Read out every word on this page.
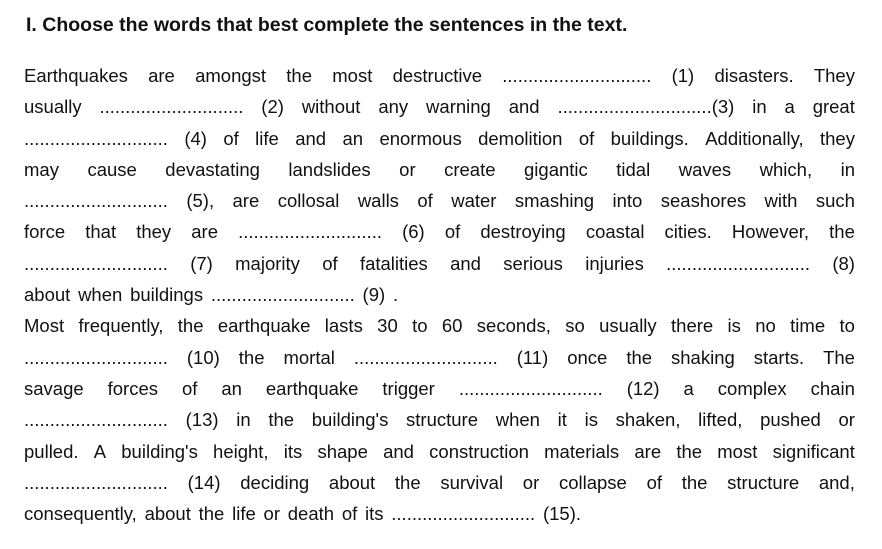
I. Choose the words that best complete the sentences in the text.
Earthquakes are amongst the most destructive ............................. (1) disasters. They
usually ............................ (2) without any warning and ..............................(3) in a great
............................ (4) of life and an enormous demolition of buildings. Additionally, they
may cause devastating landslides or create gigantic tidal waves which, in
............................ (5), are collosal walls of water smashing into seashores with such
force that they are ............................ (6) of destroying coastal cities. However, the
............................ (7) majority of fatalities and serious injuries ............................ (8)
about when buildings ............................ (9) .
Most frequently, the earthquake lasts 30 to 60 seconds, so usually there is no time to
............................ (10) the mortal ............................ (11) once the shaking starts. The
savage forces of an earthquake trigger ............................ (12) a complex chain
............................ (13) in the building's structure when it is shaken, lifted, pushed or
pulled. A building's height, its shape and construction materials are the most significant
............................ (14) deciding about the survival or collapse of the structure and,
consequently, about the life or death of its ............................ (15).
